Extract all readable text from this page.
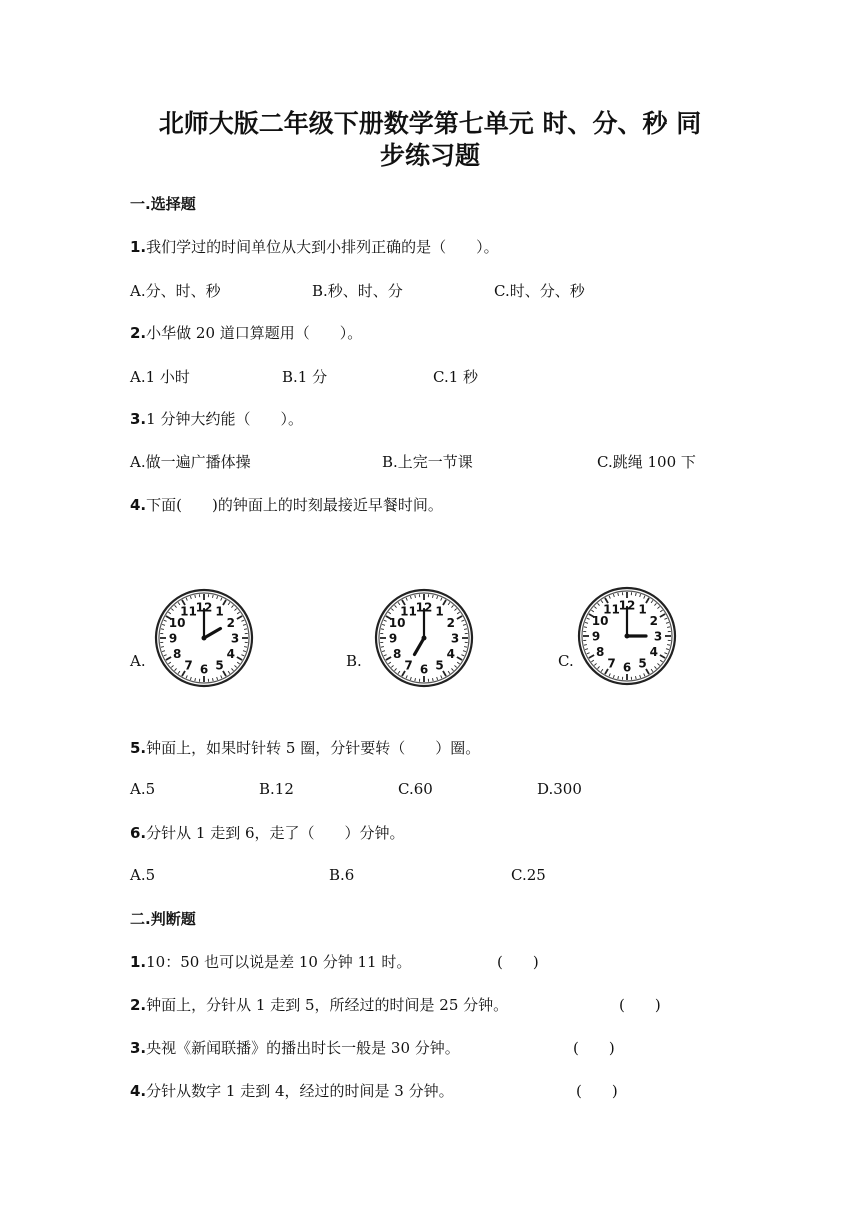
北师大版二年级下册数学第七单元 时、分、秒 同
步练习题
一.选择题
1.我们学过的时间单位从大到小排列正确的是（　　）。
A.分、时、秒	B.秒、时、分	C.时、分、秒
2.小华做 20 道口算题用（　　）。
A.1 小时	B.1 分	C.1 秒
3.1 分钟大约能（　　）。
A.做一遍广播体操	B.上完一节课	C.跳绳 100 下
4.下面(　　)的钟面上的时刻最接近早餐时间。
A.	B.	C.
12 1
2
3
4
5
6
7
8
9
10
11	12 1
2
3
4
5
6
7
8
9
10
11	12 1
2
3
4
5
6
7
8
9
10
11
5.钟面上，如果时针转 5 圈，分针要转（　　）圈。
A.5	B.12	C.60	D.300
6.分针从 1 走到 6，走了（　　）分钟。
A.5	B.6	C.25
二.判断题
1.10：50 也可以说是差 10 分钟 11 时。	(　　)
2.钟面上，分针从 1 走到 5，所经过的时间是 25 分钟。	(　　)
3.央视《新闻联播》的播出时长一般是 30 分钟。	(　　)
4.分针从数字 1 走到 4，经过的时间是 3 分钟。	(　　)
